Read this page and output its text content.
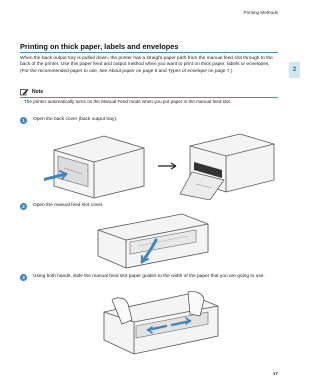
Printing Methods
2
Printing on thick paper, labels and envelopes
When the back output tray is pulled down, the printer has a straight paper path from the manual feed slot through to the back of the printer. Use this paper feed and output method when you want to print on thick paper, labels or envelopes. (For the recommended paper to use, see About paper on page 5 and Types of envelope on page 7.)
Note
The printer automatically turns on the Manual Feed mode when you put paper in the manual feed slot.
1	Open the back cover (back output tray).
2	Open the manual feed slot cover.
3	Using both hands, slide the manual feed slot paper guides to the width of the paper that you are going to use.
17
